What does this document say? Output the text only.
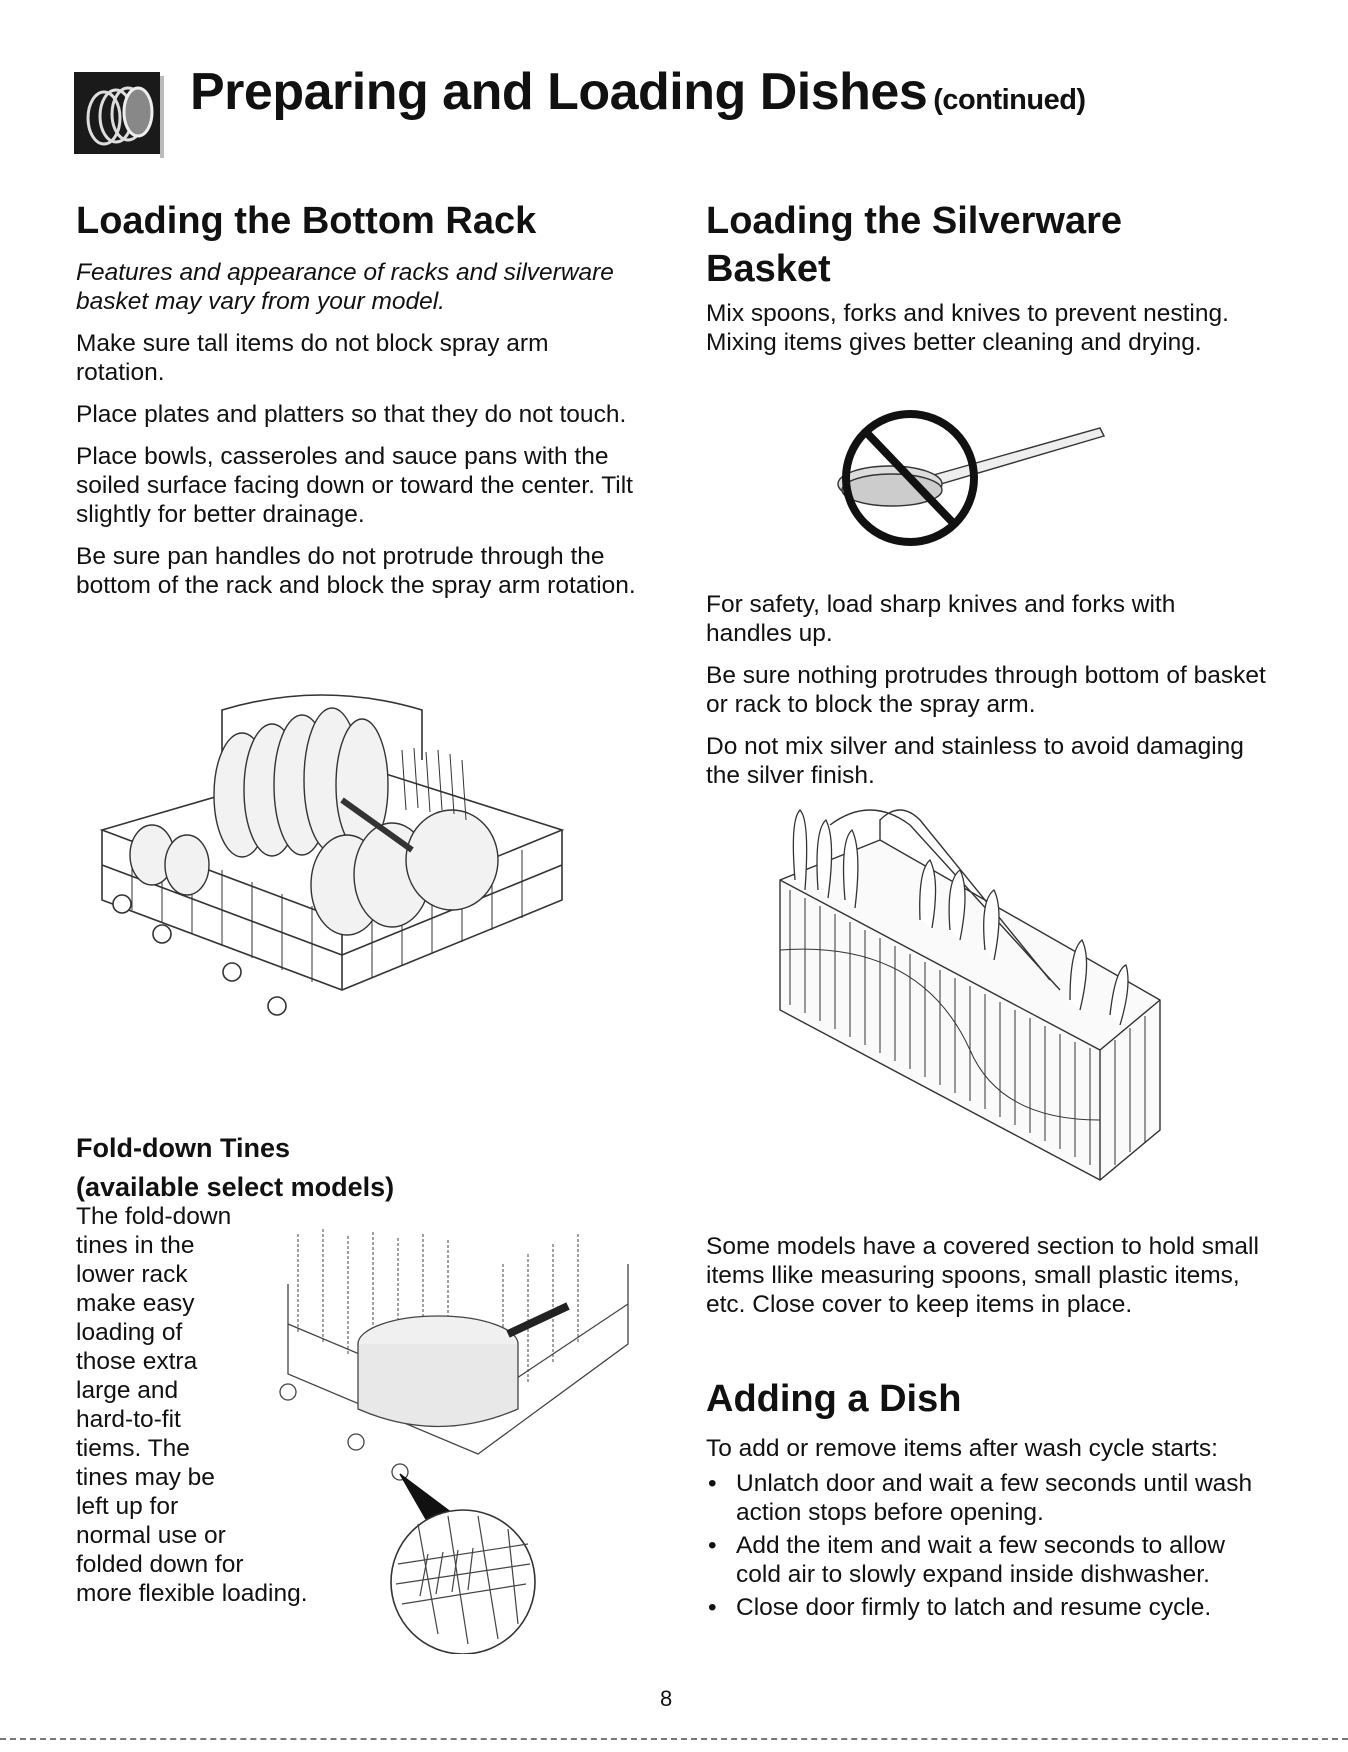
Preparing and Loading Dishes (continued)
Loading the Bottom Rack

Features and appearance of racks and silverware basket may vary from your model.

Make sure tall items do not block spray arm rotation.

Place plates and platters so that they do not touch.

Place bowls, casseroles and sauce pans with the soiled surface facing down or toward the center. Tilt slightly for better drainage.

Be sure pan handles do not protrude through the bottom of the rack and block the spray arm rotation.

Fold-down Tines
(available select models)

The fold-down

tines in the

lower rack

make easy

loading of

those extra

large and

hard-to-fit

tiems. The

tines may be

left up for

normal use or

folded down for

more flexible loading.

Loading the Silverware
Basket

Mix spoons, forks and knives to prevent nesting. Mixing items gives better cleaning and drying.

For safety, load sharp knives and forks with handles up.

Be sure nothing protrudes through bottom of basket or rack to block the spray arm.

Do not mix silver and stainless to avoid damaging the silver finish.

Some models have a covered section to hold small items llike measuring spoons, small plastic items, etc. Close cover to keep items in place.

Adding a Dish

To add or remove items after wash cycle starts:

• Unlatch door and wait a few seconds until wash action stops before opening.
• Add the item and wait a few seconds to allow cold air to slowly expand inside dishwasher.
• Close door firmly to latch and resume cycle.
8
